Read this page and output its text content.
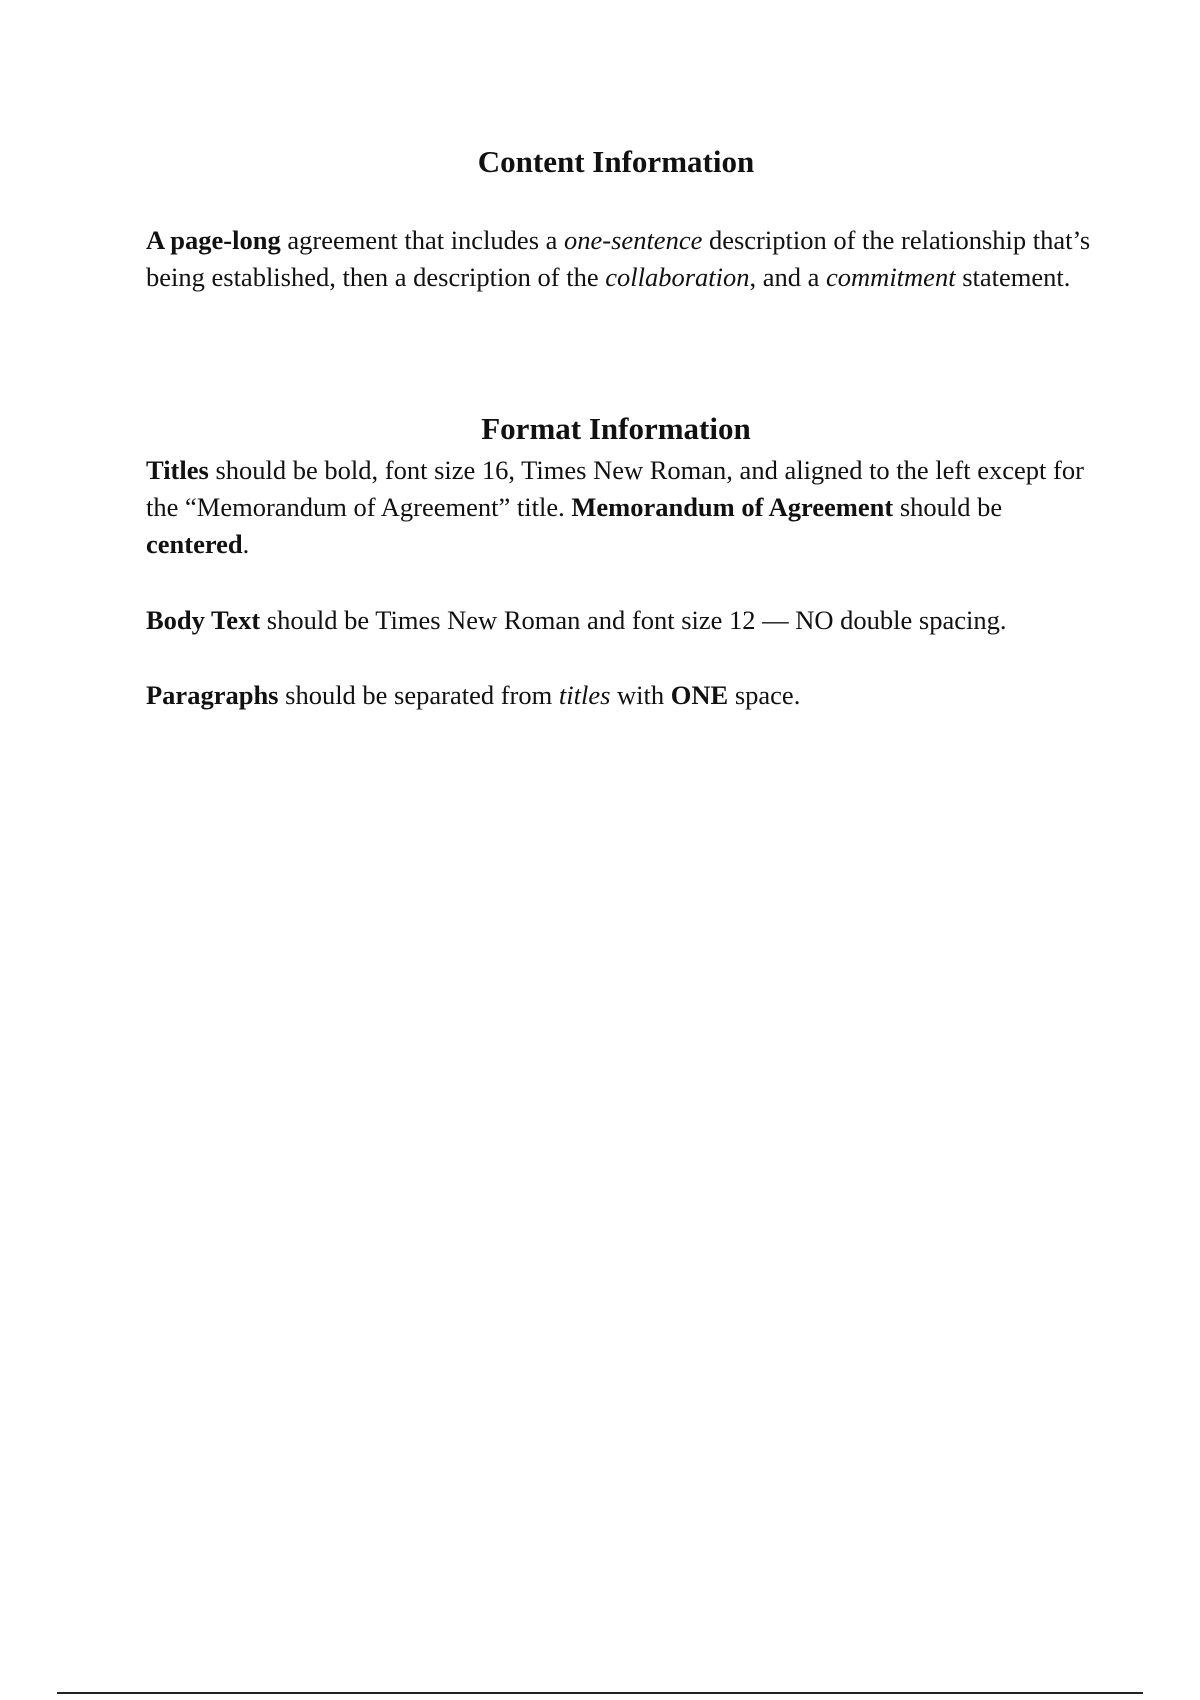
Content Information

A page-long agreement that includes a one-sentence description of the relationship that’s being established, then a description of the collaboration, and a commitment statement.

Format Information

Titles should be bold, font size 16, Times New Roman, and aligned to the left except for the “Memorandum of Agreement” title. Memorandum of Agreement should be centered.

Body Text should be Times New Roman and font size 12 — NO double spacing.

Paragraphs should be separated from titles with ONE space.
